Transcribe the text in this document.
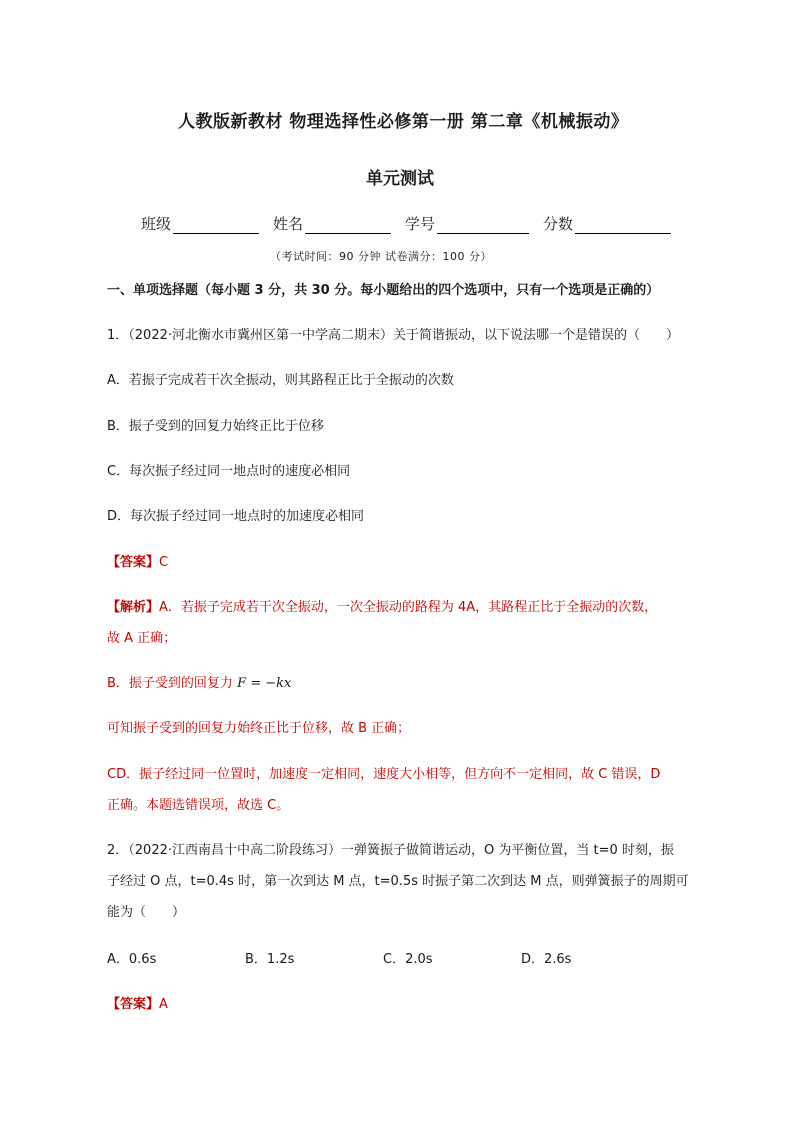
人教版新教材 物理选择性必修第一册 第二章《机械振动》
单元测试
班级	姓名	学号	分数
（考试时间：90 分钟 试卷满分：100 分）
一、单项选择题（每小题 3 分，共 30 分。每小题给出的四个选项中，只有一个选项是正确的）
1．（2022·河北衡水市冀州区第一中学高二期末）关于简谐振动，以下说法哪一个是错误的（　　）
A．若振子完成若干次全振动，则其路程正比于全振动的次数
B．振子受到的回复力始终正比于位移
C．每次振子经过同一地点时的速度必相同
D．每次振子经过同一地点时的加速度必相同
【答案】C
【解析】A．若振子完成若干次全振动，一次全振动的路程为 4A，其路程正比于全振动的次数，
故 A 正确；
B．振子受到的回复力 F = −kx
可知振子受到的回复力始终正比于位移，故 B 正确；
CD．振子经过同一位置时，加速度一定相同，速度大小相等，但方向不一定相同，故 C 错误，D
正确。本题选错误项，故选 C。
2．（2022·江西南昌十中高二阶段练习）一弹簧振子做简谐运动，O 为平衡位置，当 t=0 时刻，振
子经过 O 点，t=0.4s 时，第一次到达 M 点，t=0.5s 时振子第二次到达 M 点，则弹簧振子的周期可
能为（　　）
A．0.6s	B．1.2s	C．2.0s	D．2.6s
【答案】A
